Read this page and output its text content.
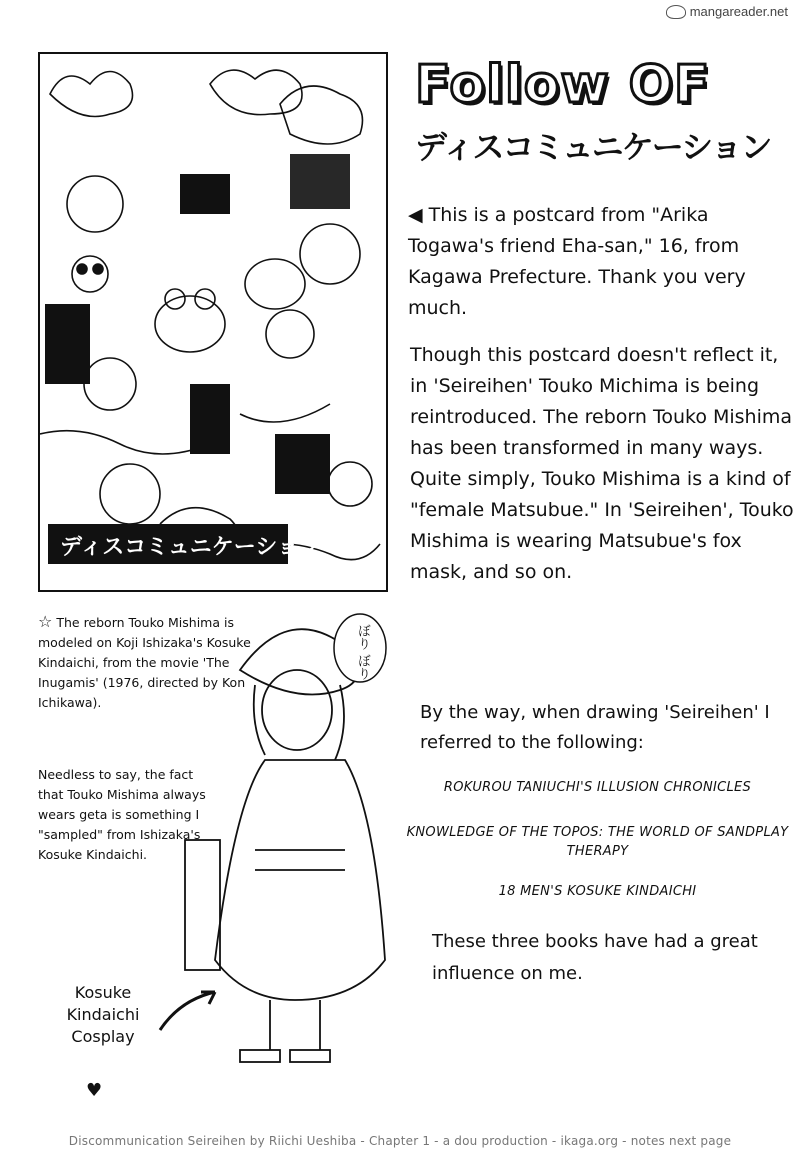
mangareader.net
ディスコミュニケーション
Follow OF
ディスコミュニケーション
◀ This is a postcard from "Arika Togawa's friend Eha-san," 16, from Kagawa Prefecture. Thank you very much.
Though this postcard doesn't reflect it, in 'Seireihen' Touko Michima is being reintroduced. The reborn Touko Mishima has been transformed in many ways. Quite simply, Touko Mishima is a kind of "female Matsubue." In 'Seireihen', Touko Mishima is wearing Matsubue's fox mask, and so on.
☆ The reborn Touko Mishima is modeled on Koji Ishizaka's Kosuke Kindaichi, from the movie 'The Inugamis' (1976, directed by Kon Ichikawa).
Needless to say, the fact that Touko Mishima always wears geta is something I "sampled" from Ishizaka's Kosuke Kindaichi.
ぼり ぼり
By the way, when drawing 'Seireihen' I referred to the following:
ROKUROU TANIUCHI'S ILLUSION CHRONICLES
KNOWLEDGE OF THE TOPOS: THE WORLD OF SANDPLAY THERAPY
18 MEN'S KOSUKE KINDAICHI
These three books have had a great influence on me.
Kosuke Kindaichi Cosplay
♥
Discommunication Seireihen by Riichi Ueshiba - Chapter 1 - a dou production - ikaga.org - notes next page
